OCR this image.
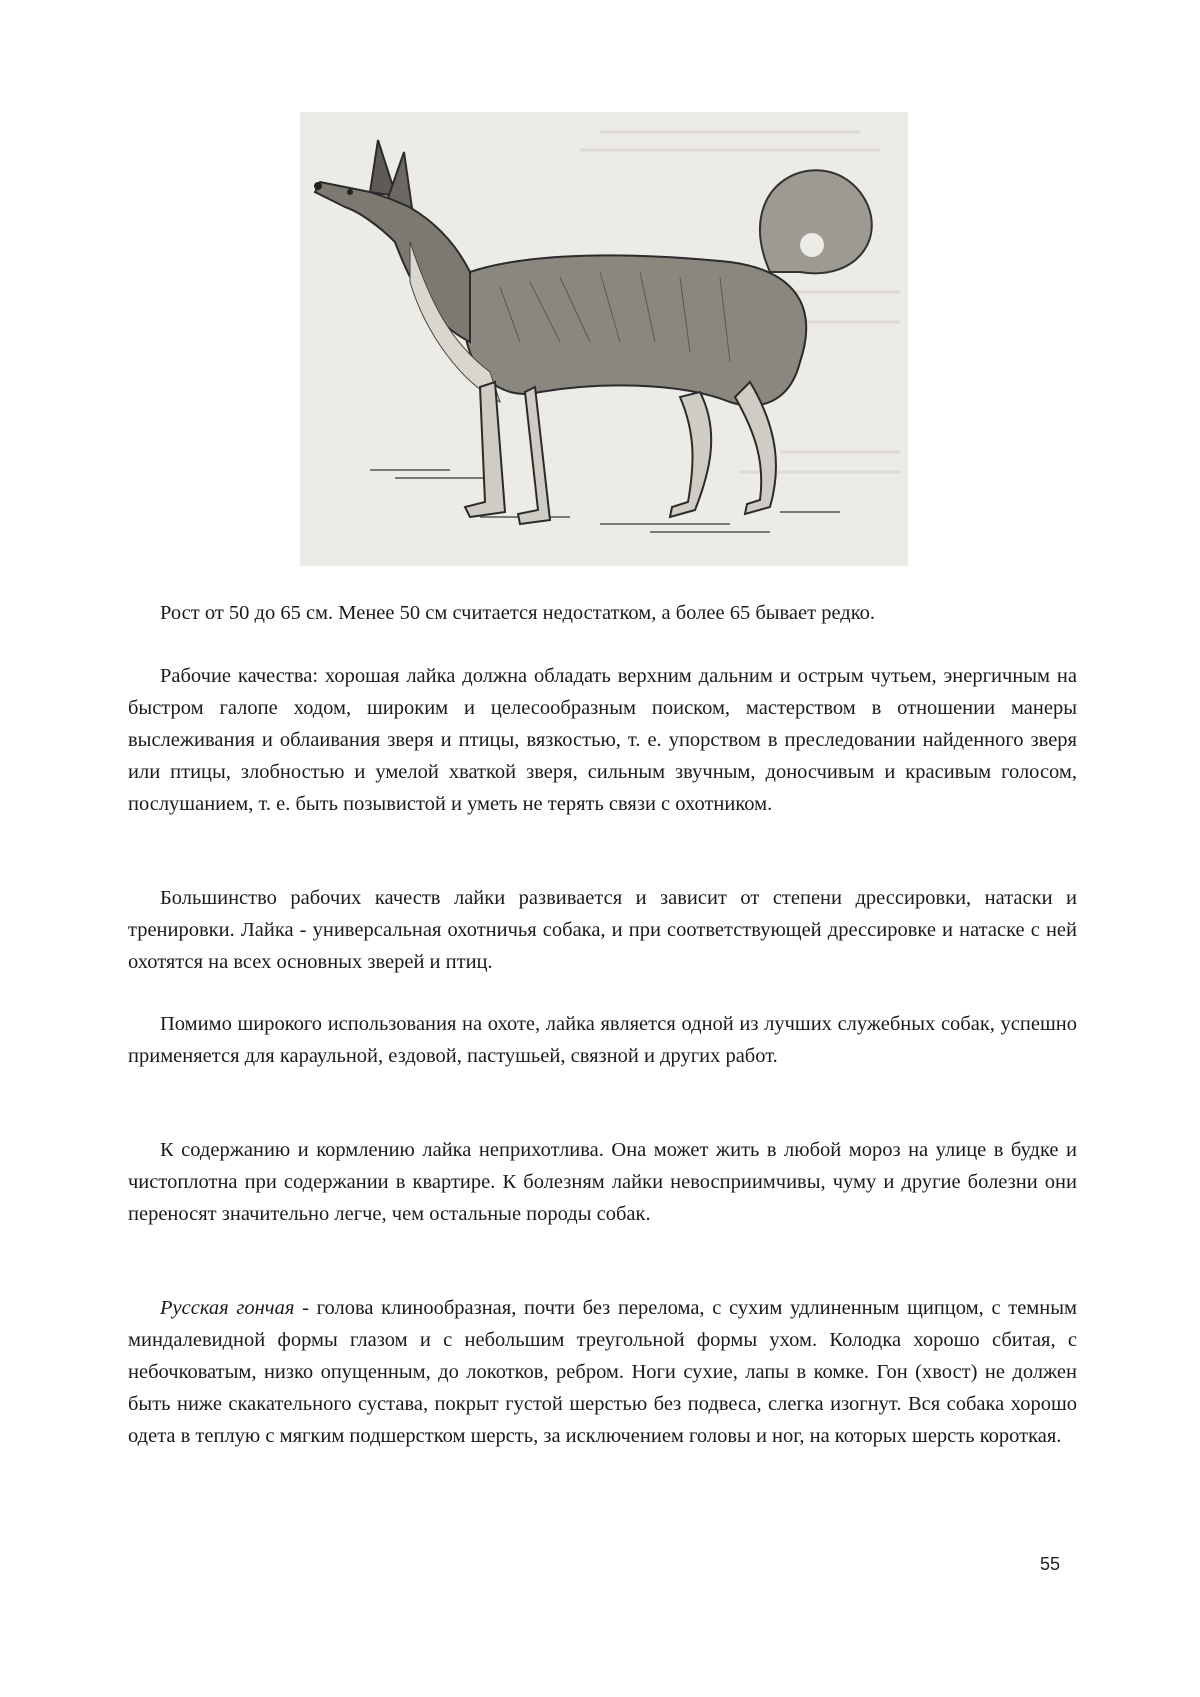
Рост от 50 до 65 см. Менее 50 см считается недостатком, а более 65 бывает редко.

Рабочие качества: хорошая лайка должна обладать верхним дальним и острым чутьем, энергичным на быстром галопе ходом, широким и целесообразным поиском, мастерством в отношении манеры выслеживания и облаивания зверя и птицы, вязкостью, т. е. упорством в преследовании найденного зверя или птицы, злобностью и умелой хваткой зверя, сильным звучным, доносчивым и красивым голосом, послушанием, т. е. быть позывистой и уметь не терять связи с охотником.

Большинство рабочих качеств лайки развивается и зависит от степени дрессировки, натаски и тренировки. Лайка - универсальная охотничья собака, и при соответствующей дрессировке и натаске с ней охотятся на всех основных зверей и птиц.

Помимо широкого использования на охоте, лайка является одной из лучших служебных собак, успешно применяется для караульной, ездовой, пастушьей, связной и других работ.

К содержанию и кормлению лайка неприхотлива. Она может жить в любой мороз на улице в будке и чистоплотна при содержании в квартире. К болезням лайки невосприимчивы, чуму и другие болезни они переносят значительно легче, чем остальные породы собак.

Русская гончая - голова клинообразная, почти без перелома, с сухим удлиненным щипцом, с темным миндалевидной формы глазом и с небольшим треугольной формы ухом. Колодка хорошо сбитая, с небочковатым, низко опущенным, до локотков, ребром. Ноги сухие, лапы в комке. Гон (хвост) не должен быть ниже скакательного сустава, покрыт густой шерстью без подвеса, слегка изогнут. Вся собака хорошо одета в теплую с мягким подшерстком шерсть, за исключением головы и ног, на которых шерсть короткая.

55
